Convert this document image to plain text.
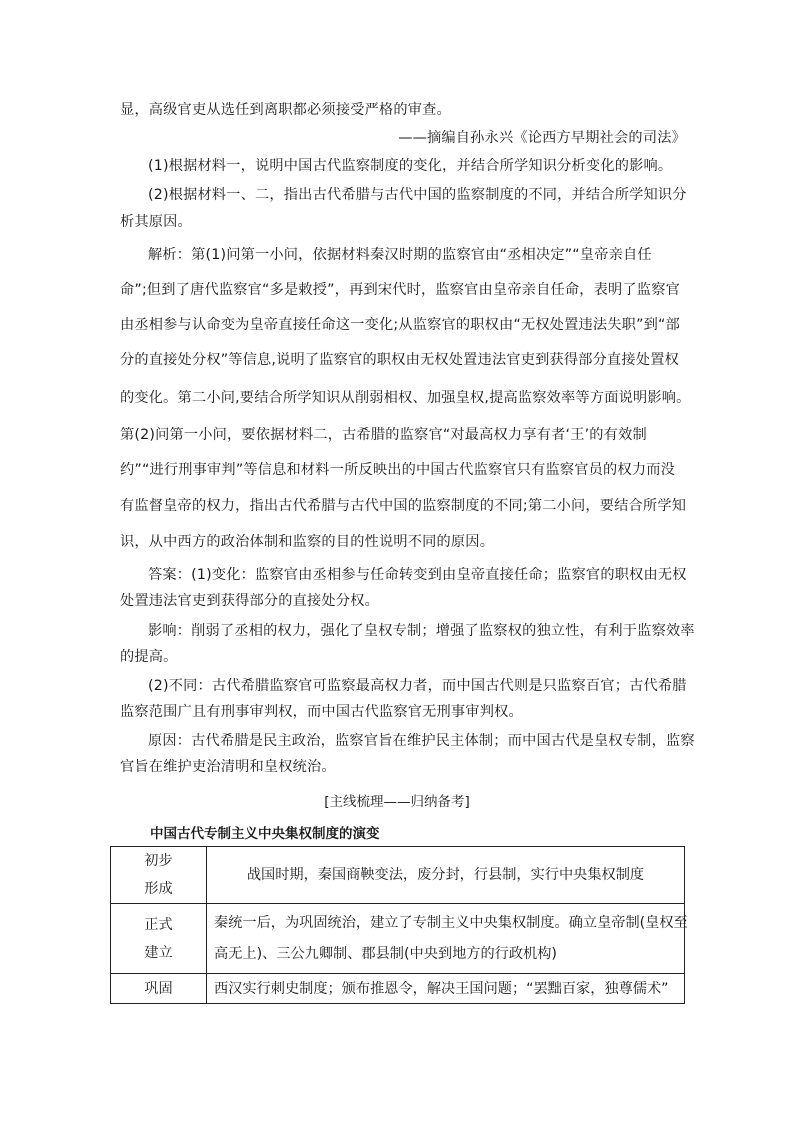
显，高级官吏从选任到离职都必须接受严格的审查。
——摘编自孙永兴《论西方早期社会的司法》
(1)根据材料一，说明中国古代监察制度的变化，并结合所学知识分析变化的影响。
(2)根据材料一、二，指出古代希腊与古代中国的监察制度的不同，并结合所学知识分
析其原因。
解析：第(1)问第一小问，依据材料秦汉时期的监察官由“丞相决定”“皇帝亲自任
命”;但到了唐代监察官“多是敕授”，再到宋代时，监察官由皇帝亲自任命，表明了监察官
由丞相参与认命变为皇帝直接任命这一变化;从监察官的职权由“无权处置违法失职”到“部
分的直接处分权”等信息,说明了监察官的职权由无权处置违法官吏到获得部分直接处置权
的变化。第二小问,要结合所学知识从削弱相权、加强皇权,提高监察效率等方面说明影响。
第(2)问第一小问，要依据材料二，古希腊的监察官“对最高权力享有者‘王’的有效制
约”“进行刑事审判”等信息和材料一所反映出的中国古代监察官只有监察官员的权力而没
有监督皇帝的权力，指出古代希腊与古代中国的监察制度的不同;第二小问，要结合所学知
识，从中西方的政治体制和监察的目的性说明不同的原因。
答案：(1)变化：监察官由丞相参与任命转变到由皇帝直接任命；监察官的职权由无权
处置违法官吏到获得部分的直接处分权。
影响：削弱了丞相的权力，强化了皇权专制；增强了监察权的独立性，有利于监察效率
的提高。
(2)不同：古代希腊监察官可监察最高权力者，而中国古代则是只监察百官；古代希腊
监察范围广且有刑事审判权，而中国古代监察官无刑事审判权。
原因：古代希腊是民主政治，监察官旨在维护民主体制；而中国古代是皇权专制，监察
官旨在维护吏治清明和皇权统治。
[主线梳理——归纳备考]
中国古代专制主义中央集权制度的演变
初步
形成	战国时期，秦国商鞅变法，废分封，行县制，实行中央集权制度

正式
建立	秦统一后，为巩固统治，建立了专制主义中央集权制度。确立皇帝制(皇权至
高无上)、三公九卿制、郡县制(中央到地方的行政机构)

巩固	西汉实行刺史制度；颁布推恩令，解决王国问题；“罢黜百家，独尊儒术”
